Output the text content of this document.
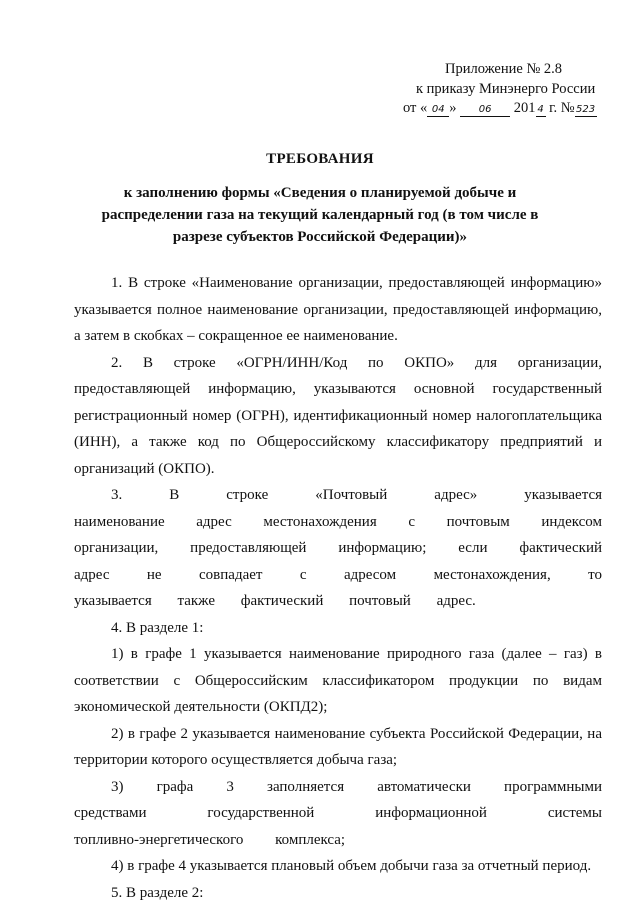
Приложение № 2.8
к приказу Минэнерго России
от « 04 » 06 201 4 г. №523
ТРЕБОВАНИЯ
к заполнению формы «Сведения о планируемой добыче и распределении газа на текущий календарный год (в том числе в разрезе субъектов Российской Федерации)»

1. В строке «Наименование организации, предоставляющей информацию» указывается полное наименование организации, предоставляющей информацию, а затем в скобках – сокращенное ее наименование.

2. В строке «ОГРН/ИНН/Код по ОКПО» для организации, предоставляющей информацию, указываются основной государственный регистрационный номер (ОГРН), идентификационный номер налогоплательщика (ИНН), а также код по Общероссийскому классификатору предприятий и организаций (ОКПО).

3. В строке «Почтовый адрес» указывается наименование адрес местонахождения с почтовым индексом организации, предоставляющей информацию; если фактический адрес не совпадает с адресом местонахождения, то указывается также фактический почтовый адрес.

4. В разделе 1:

1) в графе 1 указывается наименование природного газа (далее – газ) в соответствии с Общероссийским классификатором продукции по видам экономической деятельности (ОКПД2);

2) в графе 2 указывается наименование субъекта Российской Федерации, на территории которого осуществляется добыча газа;

3) графа 3 заполняется автоматически программными средствами государственной информационной системы топливно-энергетического комплекса;

4) в графе 4 указывается плановый объем добычи газа за отчетный период.

5. В разделе 2:
